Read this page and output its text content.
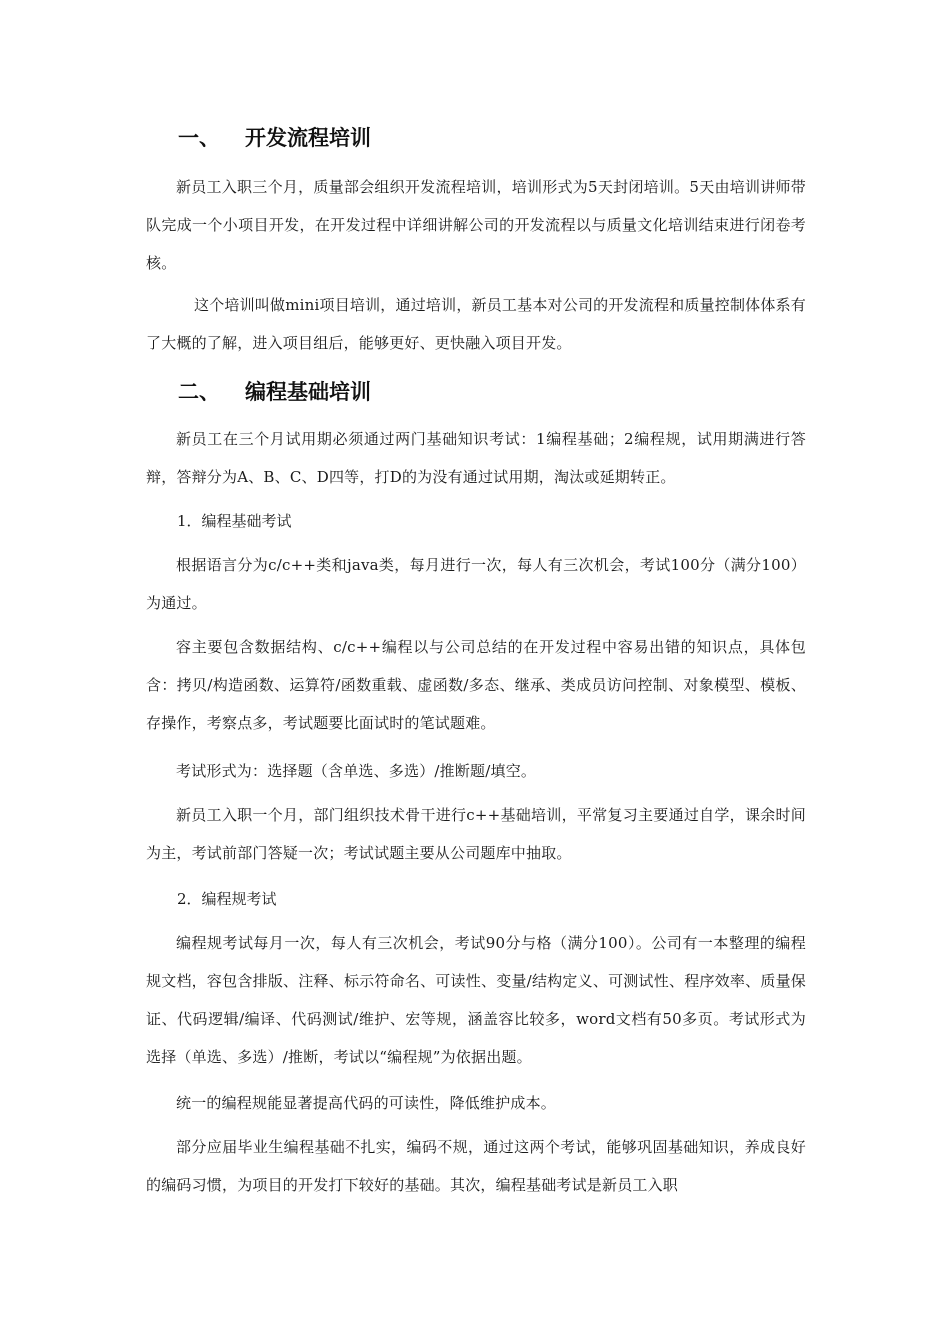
一、 开发流程培训
新员工入职三个月，质量部会组织开发流程培训，培训形式为5天封闭培训。5天由培训讲师带队完成一个小项目开发，在开发过程中详细讲解公司的开发流程以与质量文化培训结束进行闭卷考核。
这个培训叫做mini项目培训，通过培训，新员工基本对公司的开发流程和质量控制体体系有了大概的了解，进入项目组后，能够更好、更快融入项目开发。
二、 编程基础培训
新员工在三个月试用期必须通过两门基础知识考试：1编程基础；2编程规，试用期满进行答辩，答辩分为A、B、C、D四等，打D的为没有通过试用期，淘汰或延期转正。
1．编程基础考试
根据语言分为c/c++类和java类，每月进行一次，每人有三次机会，考试100分（满分100）为通过。
容主要包含数据结构、c/c++编程以与公司总结的在开发过程中容易出错的知识点，具体包含：拷贝/构造函数、运算符/函数重载、虚函数/多态、继承、类成员访问控制、对象模型、模板、存操作，考察点多，考试题要比面试时的笔试题难。
考试形式为：选择题（含单选、多选）/推断题/填空。
新员工入职一个月，部门组织技术骨干进行c++基础培训，平常复习主要通过自学，课余时间为主，考试前部门答疑一次；考试试题主要从公司题库中抽取。
2．编程规考试
编程规考试每月一次，每人有三次机会，考试90分与格（满分100）。公司有一本整理的编程规文档，容包含排版、注释、标示符命名、可读性、变量/结构定义、可测试性、程序效率、质量保证、代码逻辑/编译、代码测试/维护、宏等规，涵盖容比较多，word文档有50多页。考试形式为选择（单选、多选）/推断，考试以“编程规”为依据出题。
统一的编程规能显著提高代码的可读性，降低维护成本。
部分应届毕业生编程基础不扎实，编码不规，通过这两个考试，能够巩固基础知识，养成良好的编码习惯，为项目的开发打下较好的基础。其次，编程基础考试是新员工入职
